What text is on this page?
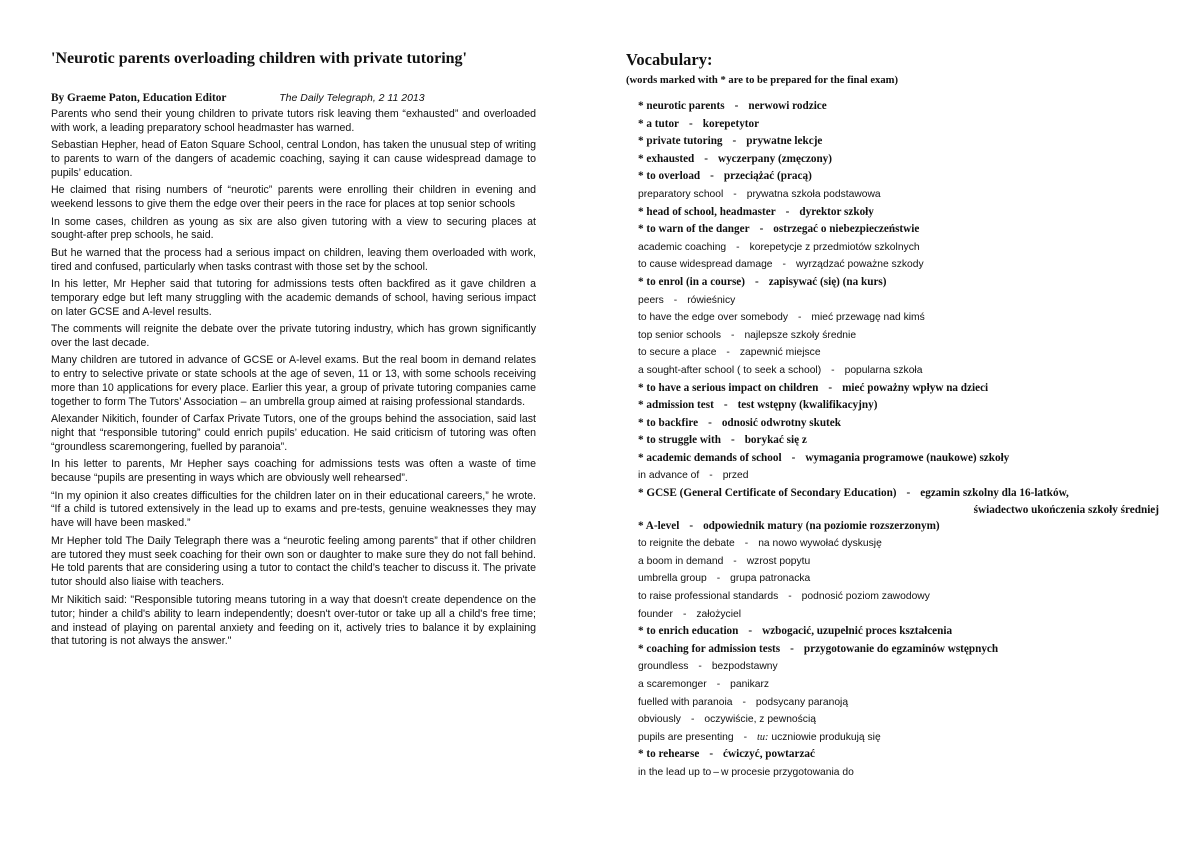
'Neurotic parents overloading children with private tutoring'
By Graeme Paton, Education Editor	The Daily Telegraph, 2 11 2013

Parents who send their young children to private tutors risk leaving them “exhausted” and overloaded with work, a leading preparatory school headmaster has warned.

Sebastian Hepher, head of Eaton Square School, central London, has taken the unusual step of writing to parents to warn of the dangers of academic coaching, saying it can cause widespread damage to pupils’ education.

He claimed that rising numbers of “neurotic” parents were enrolling their children in evening and weekend lessons to give them the edge over their peers in the race for places at top senior schools

In some cases, children as young as six are also given tutoring with a view to securing places at sought-after prep schools, he said.

But he warned that the process had a serious impact on children, leaving them overloaded with work, tired and confused, particularly when tasks contrast with those set by the school.

In his letter, Mr Hepher said that tutoring for admissions tests often backfired as it gave children a temporary edge but left many struggling with the academic demands of school, having serious impact on later GCSE and A-level results.

The comments will reignite the debate over the private tutoring industry, which has grown significantly over the last decade.

Many children are tutored in advance of GCSE or A-level exams. But the real boom in demand relates to entry to selective private or state schools at the age of seven, 11 or 13, with some schools receiving more than 10 applications for every place. Earlier this year, a group of private tutoring companies came together to form The Tutors’ Association – an umbrella group aimed at raising professional standards.

Alexander Nikitich, founder of Carfax Private Tutors, one of the groups behind the association, said last night that “responsible tutoring” could enrich pupils’ education. He said criticism of tutoring was often “groundless scaremongering, fuelled by paranoia”.

In his letter to parents, Mr Hepher says coaching for admissions tests was often a waste of time because “pupils are presenting in ways which are obviously well rehearsed”.

“In my opinion it also creates difficulties for the children later on in their educational careers,” he wrote. “If a child is tutored extensively in the lead up to exams and pre-tests, genuine weaknesses they may have will have been masked.”

Mr Hepher told The Daily Telegraph there was a “neurotic feeling among parents” that if other children are tutored they must seek coaching for their own son or daughter to make sure they do not fall behind. He told parents that are considering using a tutor to contact the child’s teacher to discuss it. The private tutor should also liaise with teachers.

Mr Nikitich said: "Responsible tutoring means tutoring in a way that doesn't create dependence on the tutor; hinder a child's ability to learn independently; doesn't over-tutor or take up all a child's free time; and instead of playing on parental anxiety and feeding on it, actively tries to balance it by explaining that tutoring is not always the answer."

Vocabulary:
(words marked with * are to be prepared for the final exam)
* neurotic parents - nerwowi rodzice
* a tutor - korepetytor
* private tutoring - prywatne lekcje
* exhausted - wyczerpany (zmęczony)
* to overload - przeciążać (pracą)
preparatory school - prywatna szkoła podstawowa
* head of school, headmaster - dyrektor szkoły
* to warn of the danger - ostrzegać o niebezpieczeństwie
academic coaching - korepetycje z przedmiotów szkolnych
to cause widespread damage - wyrządzać poważne szkody
* to enrol (in a course) - zapisywać (się) (na kurs)
peers - rówieśnicy
to have the edge over somebody - mieć przewagę nad kimś
top senior schools - najlepsze szkoły średnie
to secure a place - zapewnić miejsce
a sought-after school ( to seek a school) - popularna szkoła
* to have a serious impact on children - mieć poważny wpływ na dzieci
* admission test - test wstępny (kwalifikacyjny)
* to backfire - odnosić odwrotny skutek
* to struggle with - borykać się z
* academic demands of school - wymagania programowe (naukowe) szkoły
in advance of - przed
* GCSE (General Certificate of Secondary Education) - egzamin szkolny dla 16-latków,
świadectwo ukończenia szkoły średniej
* A-level - odpowiednik matury (na poziomie rozszerzonym)
to reignite the debate - na nowo wywołać dyskusję
a boom in demand - wzrost popytu
umbrella group - grupa patronacka
to raise professional standards - podnosić poziom zawodowy
founder - założyciel
* to enrich education - wzbogacić, uzupełnić proces kształcenia
* coaching for admission tests - przygotowanie do egzaminów wstępnych
groundless - bezpodstawny
a scaremonger - panikarz
fuelled with paranoia - podsycany paranoją
obviously - oczywiście, z pewnością
pupils are presenting - tu: uczniowie produkują się
* to rehearse - ćwiczyć, powtarzać
in the lead up to –w procesie przygotowania do
